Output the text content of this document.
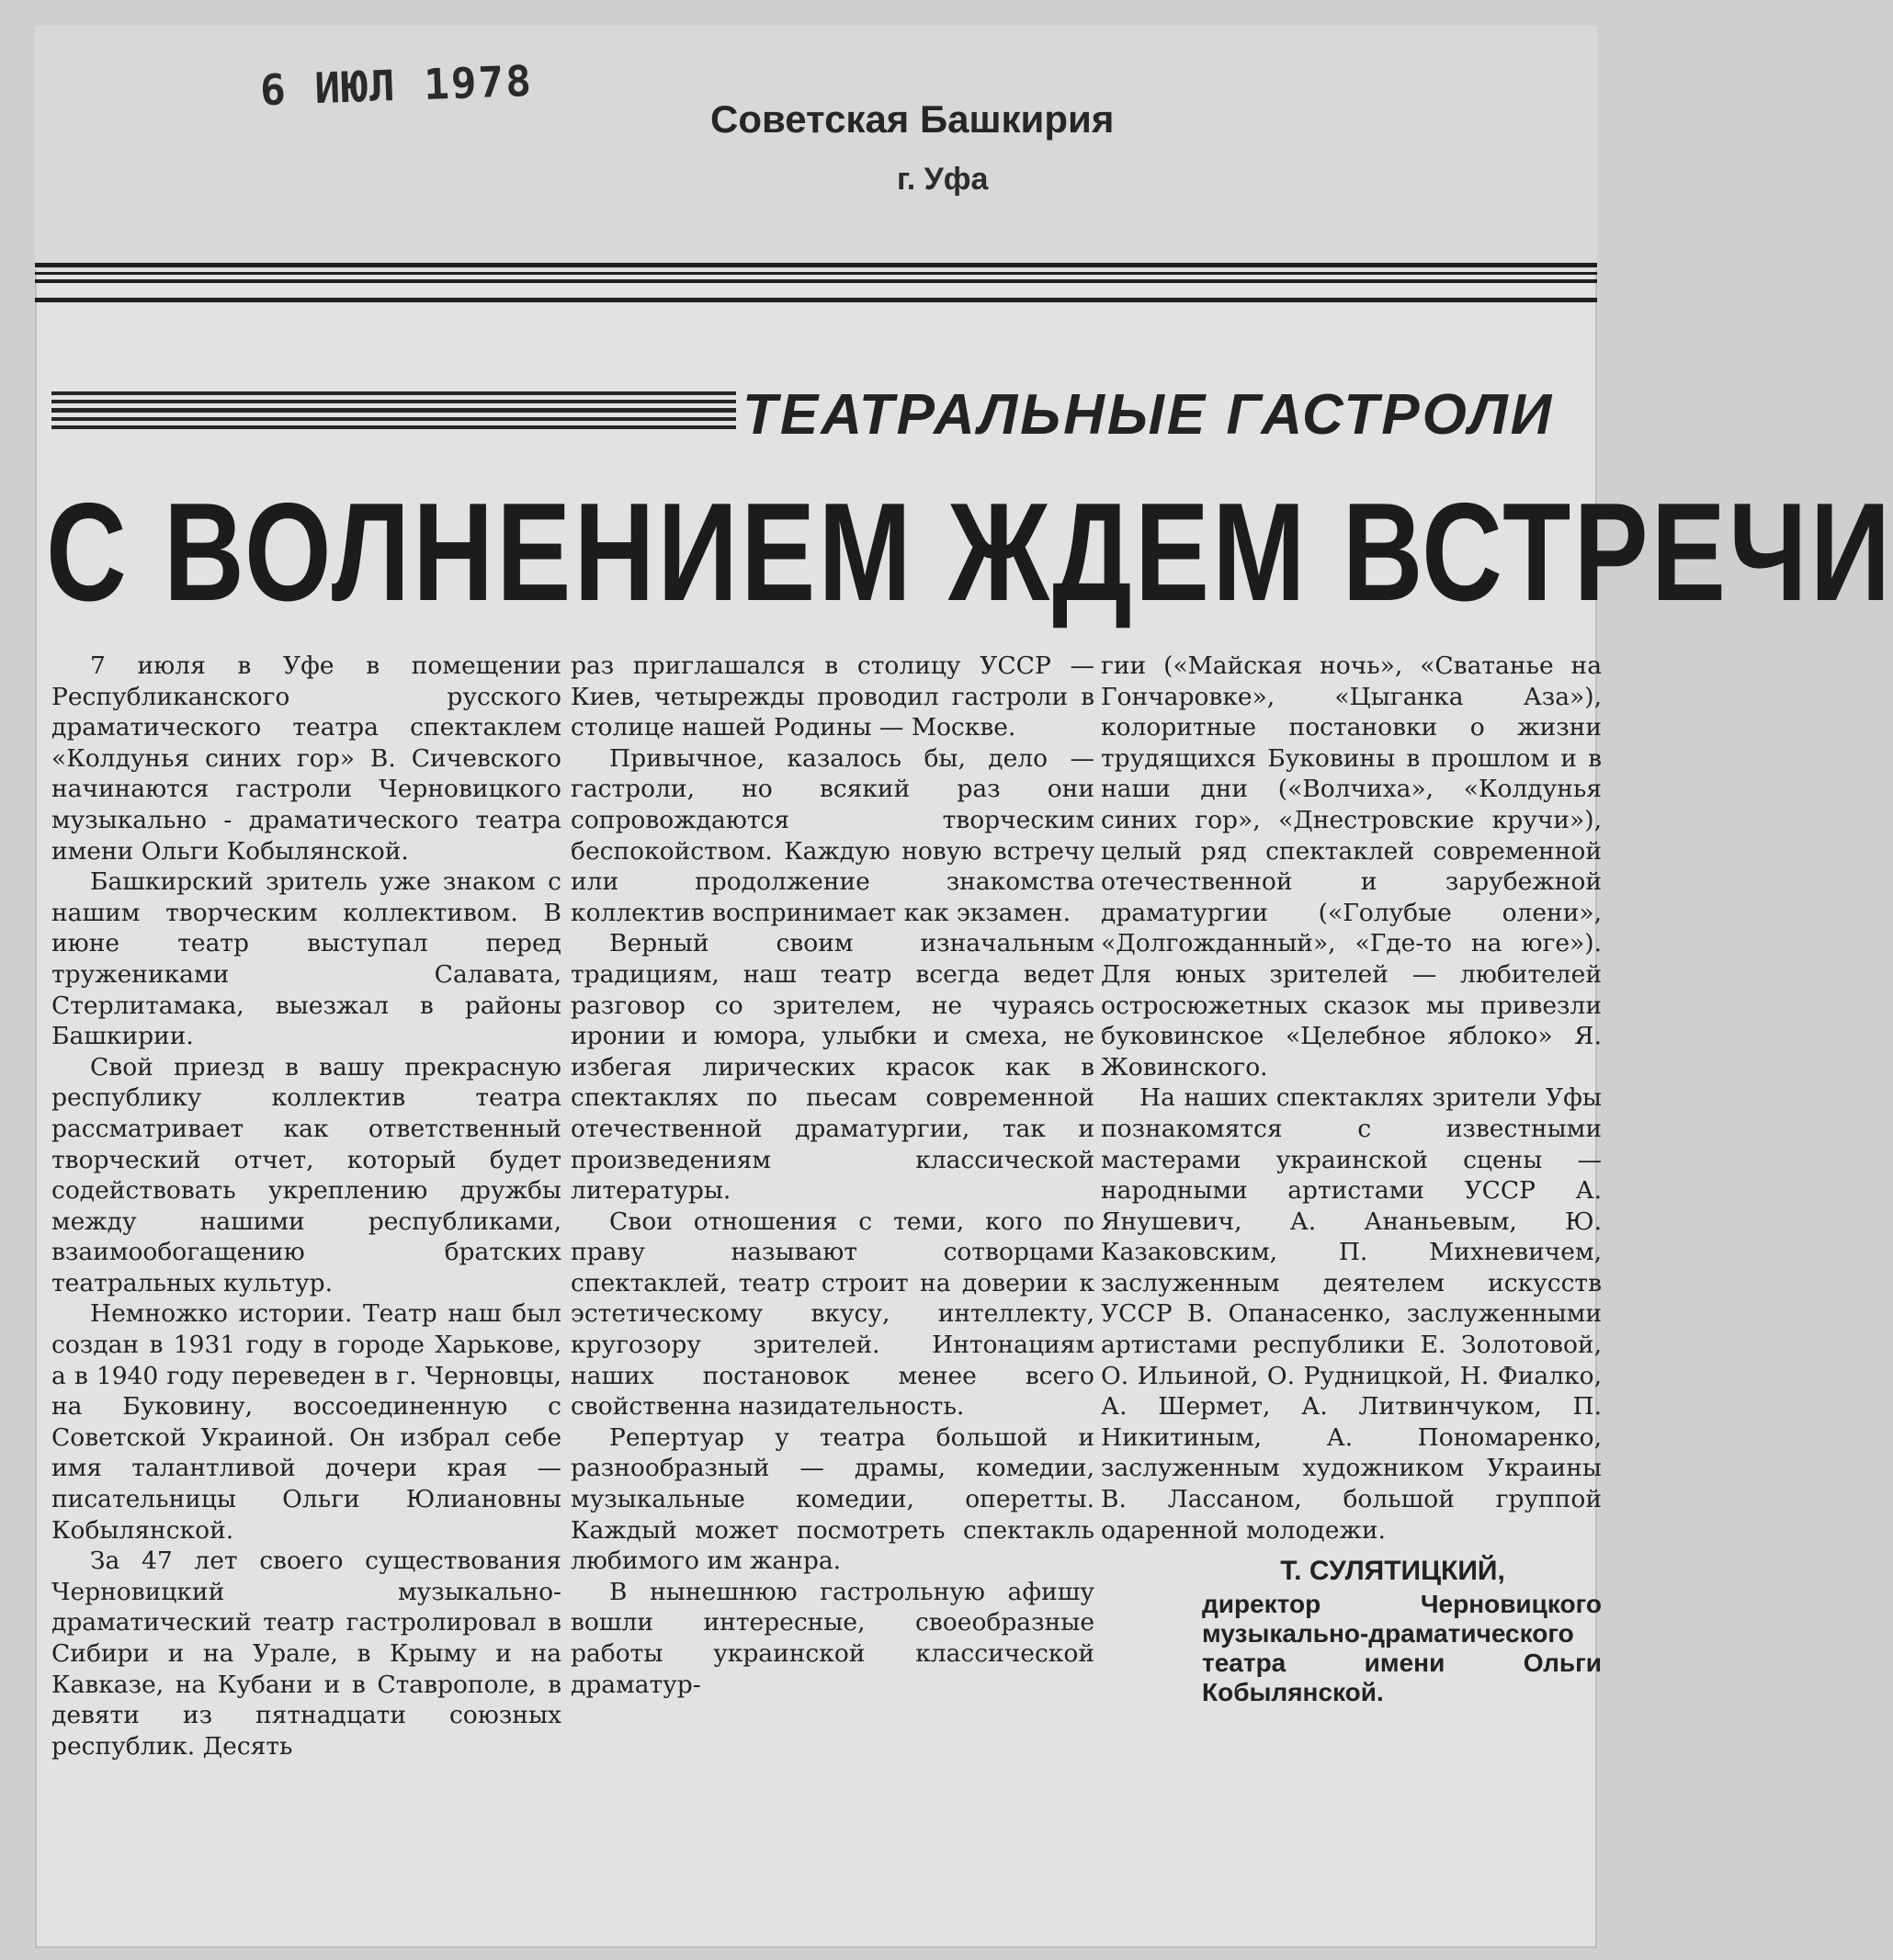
6 ИЮЛ 1978
Советская Башкирия
г. Уфа
ТЕАТРАЛЬНЫЕ ГАСТРОЛИ
С ВОЛНЕНИЕМ ЖДЕМ ВСТРЕЧИ

7 июля в Уфе в помещении Республиканского русского драматического театра спектаклем «Колдунья синих гор» В. Сичевского начинаются гастроли Черновицкого музыкально - драматического театра имени Ольги Кобылянской.

Башкирский зритель уже знаком с нашим творческим коллективом. В июне театр выступал перед тружениками Салавата, Стерлитамака, выезжал в районы Башкирии.

Свой приезд в вашу прекрасную республику коллектив театра рассматривает как ответственный творческий отчет, который будет содействовать укреплению дружбы между нашими республиками, взаимообогащению братских театральных культур.

Немножко истории. Театр наш был создан в 1931 году в городе Харькове, а в 1940 году переведен в г. Черновцы, на Буковину, воссоединенную с Советской Украиной. Он избрал себе имя талантливой дочери края — писательницы Ольги Юлиановны Кобылянской.

За 47 лет своего существования Черновицкий музыкально-драматический театр гастролировал в Сибири и на Урале, в Крыму и на Кавказе, на Кубани и в Ставрополе, в девяти из пятнадцати союзных республик. Десять

раз приглашался в столицу УССР — Киев, четырежды проводил гастроли в столице нашей Родины — Москве.

Привычное, казалось бы, дело — гастроли, но всякий раз они сопровождаются творческим беспокойством. Каждую новую встречу или продолжение знакомства коллектив воспринимает как экзамен.

Верный своим изначальным традициям, наш театр всегда ведет разговор со зрителем, не чураясь иронии и юмора, улыбки и смеха, не избегая лирических красок как в спектаклях по пьесам современной отечественной драматургии, так и произведениям классической литературы.

Свои отношения с теми, кого по праву называют сотворцами спектаклей, театр строит на доверии к эстетическому вкусу, интеллекту, кругозору зрителей. Интонациям наших постановок менее всего свойственна назидательность.

Репертуар у театра большой и разнообразный — драмы, комедии, музыкальные комедии, оперетты. Каждый может посмотреть спектакль любимого им жанра.

В нынешнюю гастрольную афишу вошли интересные, своеобразные работы украинской классической драматур-

гии («Майская ночь», «Сватанье на Гончаровке», «Цыганка Аза»), колоритные постановки о жизни трудящихся Буковины в прошлом и в наши дни («Волчиха», «Колдунья синих гор», «Днестровские кручи»), целый ряд спектаклей современной отечественной и зарубежной драматургии («Голубые олени», «Долгожданный», «Где-то на юге»). Для юных зрителей — любителей остросюжетных сказок мы привезли буковинское «Целебное яблоко» Я. Жовинского.

На наших спектаклях зрители Уфы познакомятся с известными мастерами украинской сцены — народными артистами УССР А. Янушевич, А. Ананьевым, Ю. Казаковским, П. Михневичем, заслуженным деятелем искусств УССР В. Опанасенко, заслуженными артистами республики Е. Золотовой, О. Ильиной, О. Рудницкой, Н. Фиалко, А. Шермет, А. Литвинчуком, П. Никитиным, А. Пономаренко, заслуженным художником Украины В. Ласcаном, большой группой одаренной молодежи.

Т. СУЛЯТИЦКИЙ,
директор Черновицкого музыкально-драматического театра имени Ольги Кобылянской.
